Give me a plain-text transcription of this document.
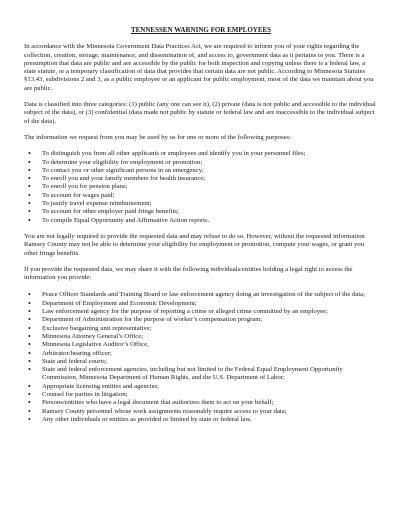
TENNESSEN WARNING FOR EMPLOYEES

In accordance with the Minnesota Government Data Practices Act, we are required to inform you of your rights regarding the collection, creation, storage, maintenance, and dissemination of, and access to, government data as it pertains to you. There is a presumption that data are public and are accessible by the public for both inspection and copying unless there is a federal law, a state statute, or a temporary classification of data that provides that certain data are not public. According to Minnesota Statutes §13.43, subdivisions 2 and 3, as a public employee or an applicant for public employment, most of the data we maintain about you are public.

Data is classified into three categories: (1) public (any one can see it), (2) private (data is not public and accessible to the individual subject of the data), or (3) confidential (data made not public by statute or federal law and are inaccessible to the individual subject of the data).

The information we request from you may be used by us for one or more of the following purposes:

• To distinguish you from all other applicants or employees and identify you in your personnel files;
• To determine your eligibility for employment or promotion;
• To contact you or other significant persons in an emergency;
• To enroll you and your family members for health insurance;
• To enroll you for pension plans;
• To account for wages paid;
• To justify travel expense reimbursement;
• To account for other employer paid fringe benefits;
• To compile Equal Opportunity and Affirmative Action reports.

You are not legally required to provide the requested data and may refuse to do so. However, without the requested information Ramsey County may not be able to determine your eligibility for employment or promotion, compute your wages, or grant you other fringe benefits.

If you provide the requested data, we may share it with the following individuals/entities holding a legal right to access the information you provide:

• Peace Officer Standards and Training Board or law enforcement agency doing an investigation of the subject of the data;
• Department of Employment and Economic Development;
• Law enforcement agency for the purpose of reporting a crime or alleged crime committed by an employee;
• Department of Administration for the purpose of worker’s compensation program;
• Exclusive bargaining unit representative;
• Minnesota Attorney General’s Office;
• Minnesota Legislative Auditor’s Office,
• Arbitrator/hearing officer;
• State and federal courts;
• State and federal enforcement agencies, including but not limited to the Federal Equal Employment Opportunity Commission, Minnesota Department of Human Rights, and the U.S. Department of Labor;
• Appropriate licensing entities and agencies;
• Counsel for parties in litigation;
• Persons/entities who have a legal document that authorizes them to act on your behalf;
• Ramsey County personnel whose work assignments reasonably require access to your data;
• Any other individuals or entities as provided or limited by state or federal law.
